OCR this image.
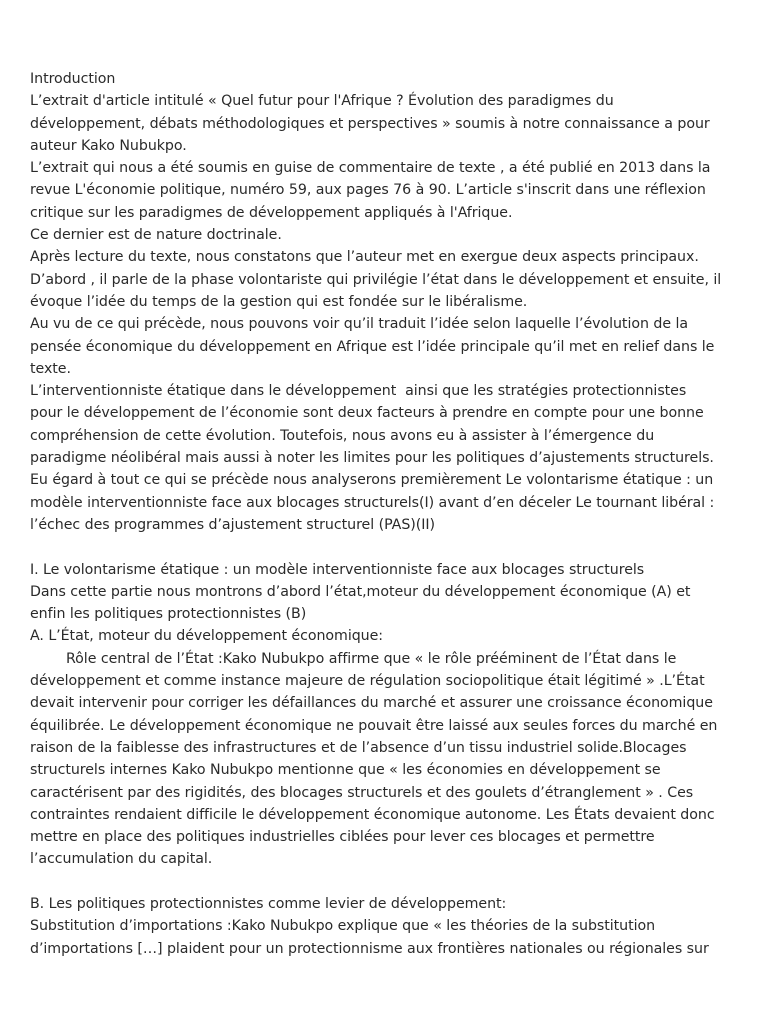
Introduction
L’extrait d'article intitulé « Quel futur pour l'Afrique ? Évolution des paradigmes du
développement, débats méthodologiques et perspectives » soumis à notre connaissance a pour
auteur Kako Nubukpo.
L’extrait qui nous a été soumis en guise de commentaire de texte , a été publié en 2013 dans la
revue L'économie politique, numéro 59, aux pages 76 à 90. L’article s'inscrit dans une réflexion
critique sur les paradigmes de développement appliqués à l'Afrique.
Ce dernier est de nature doctrinale.
Après lecture du texte, nous constatons que l’auteur met en exergue deux aspects principaux.
D’abord , il parle de la phase volontariste qui privilégie l’état dans le développement et ensuite, il
évoque l’idée du temps de la gestion qui est fondée sur le libéralisme.
Au vu de ce qui précède, nous pouvons voir qu’il traduit l’idée selon laquelle l’évolution de la
pensée économique du développement en Afrique est l’idée principale qu’il met en relief dans le
texte.
L’interventionniste étatique dans le développement  ainsi que les stratégies protectionnistes
pour le développement de l’économie sont deux facteurs à prendre en compte pour une bonne
compréhension de cette évolution. Toutefois, nous avons eu à assister à l’émergence du
paradigme néolibéral mais aussi à noter les limites pour les politiques d’ajustements structurels.
Eu égard à tout ce qui se précède nous analyserons premièrement Le volontarisme étatique : un
modèle interventionniste face aux blocages structurels(I) avant d’en déceler Le tournant libéral :
l’échec des programmes d’ajustement structurel (PAS)(II)
I. Le volontarisme étatique : un modèle interventionniste face aux blocages structurels
Dans cette partie nous montrons d’abord l’état,moteur du développement économique (A) et
enfin les politiques protectionnistes (B)
A. L’État, moteur du développement économique:
Rôle central de l’État :Kako Nubukpo affirme que « le rôle prééminent de l’État dans le
développement et comme instance majeure de régulation sociopolitique était légitimé » .L’État
devait intervenir pour corriger les défaillances du marché et assurer une croissance économique
équilibrée. Le développement économique ne pouvait être laissé aux seules forces du marché en
raison de la faiblesse des infrastructures et de l’absence d’un tissu industriel solide.Blocages
structurels internes Kako Nubukpo mentionne que « les économies en développement se
caractérisent par des rigidités, des blocages structurels et des goulets d’étranglement » . Ces
contraintes rendaient difficile le développement économique autonome. Les États devaient donc
mettre en place des politiques industrielles ciblées pour lever ces blocages et permettre
l’accumulation du capital.
B. Les politiques protectionnistes comme levier de développement:
Substitution d’importations :Kako Nubukpo explique que « les théories de la substitution
d’importations […] plaident pour un protectionnisme aux frontières nationales ou régionales sur
